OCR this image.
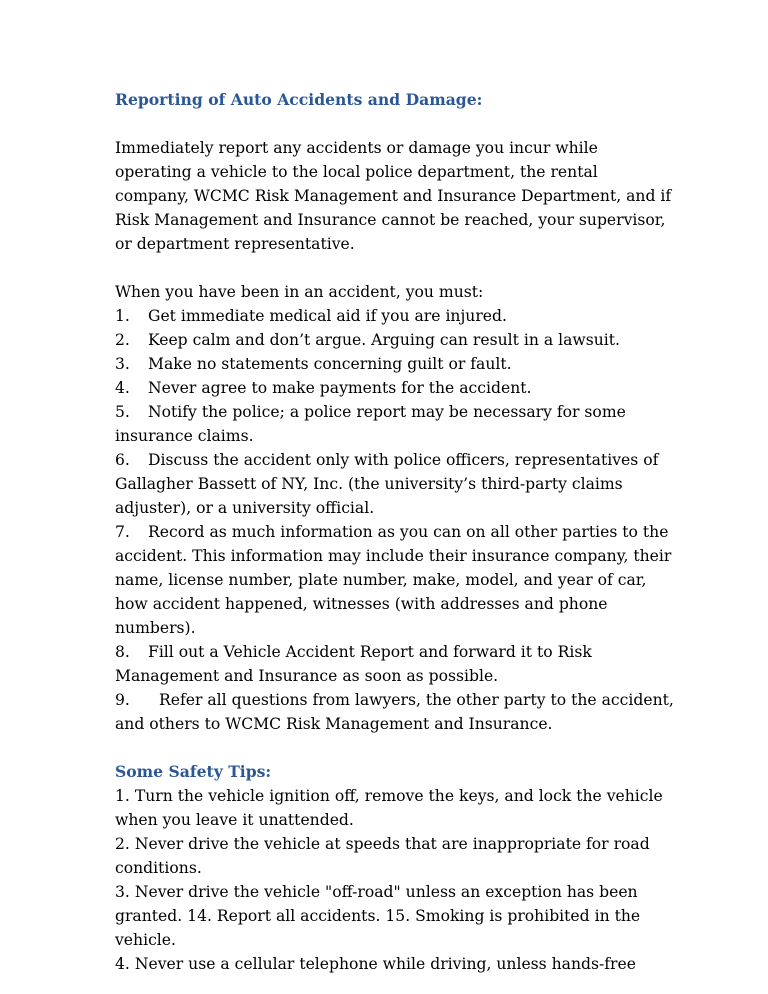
Reporting of Auto Accidents and Damage:

Immediately report any accidents or damage you incur while operating a vehicle to the local police department, the rental company, WCMC Risk Management and Insurance Department, and if Risk Management and Insurance cannot be reached, your supervisor, or department representative.

When you have been in an accident, you must:

1. Get immediate medical aid if you are injured.

2. Keep calm and don’t argue. Arguing can result in a lawsuit.

3. Make no statements concerning guilt or fault.

4. Never agree to make payments for the accident.

5. Notify the police; a police report may be necessary for some insurance claims.

6. Discuss the accident only with police officers, representatives of Gallagher Bassett of NY, Inc. (the university’s third-party claims adjuster), or a university official.

7. Record as much information as you can on all other parties to the accident. This information may include their insurance company, their name, license number, plate number, make, model, and year of car, how accident happened, witnesses (with addresses and phone numbers).

8. Fill out a Vehicle Accident Report and forward it to Risk Management and Insurance as soon as possible.

9. Refer all questions from lawyers, the other party to the accident, and others to WCMC Risk Management and Insurance.

Some Safety Tips:

1. Turn the vehicle ignition off, remove the keys, and lock the vehicle when you leave it unattended.

2. Never drive the vehicle at speeds that are inappropriate for road conditions.

3. Never drive the vehicle "off-road" unless an exception has been granted. 14. Report all accidents. 15. Smoking is prohibited in the vehicle.

4. Never use a cellular telephone while driving, unless hands-free
